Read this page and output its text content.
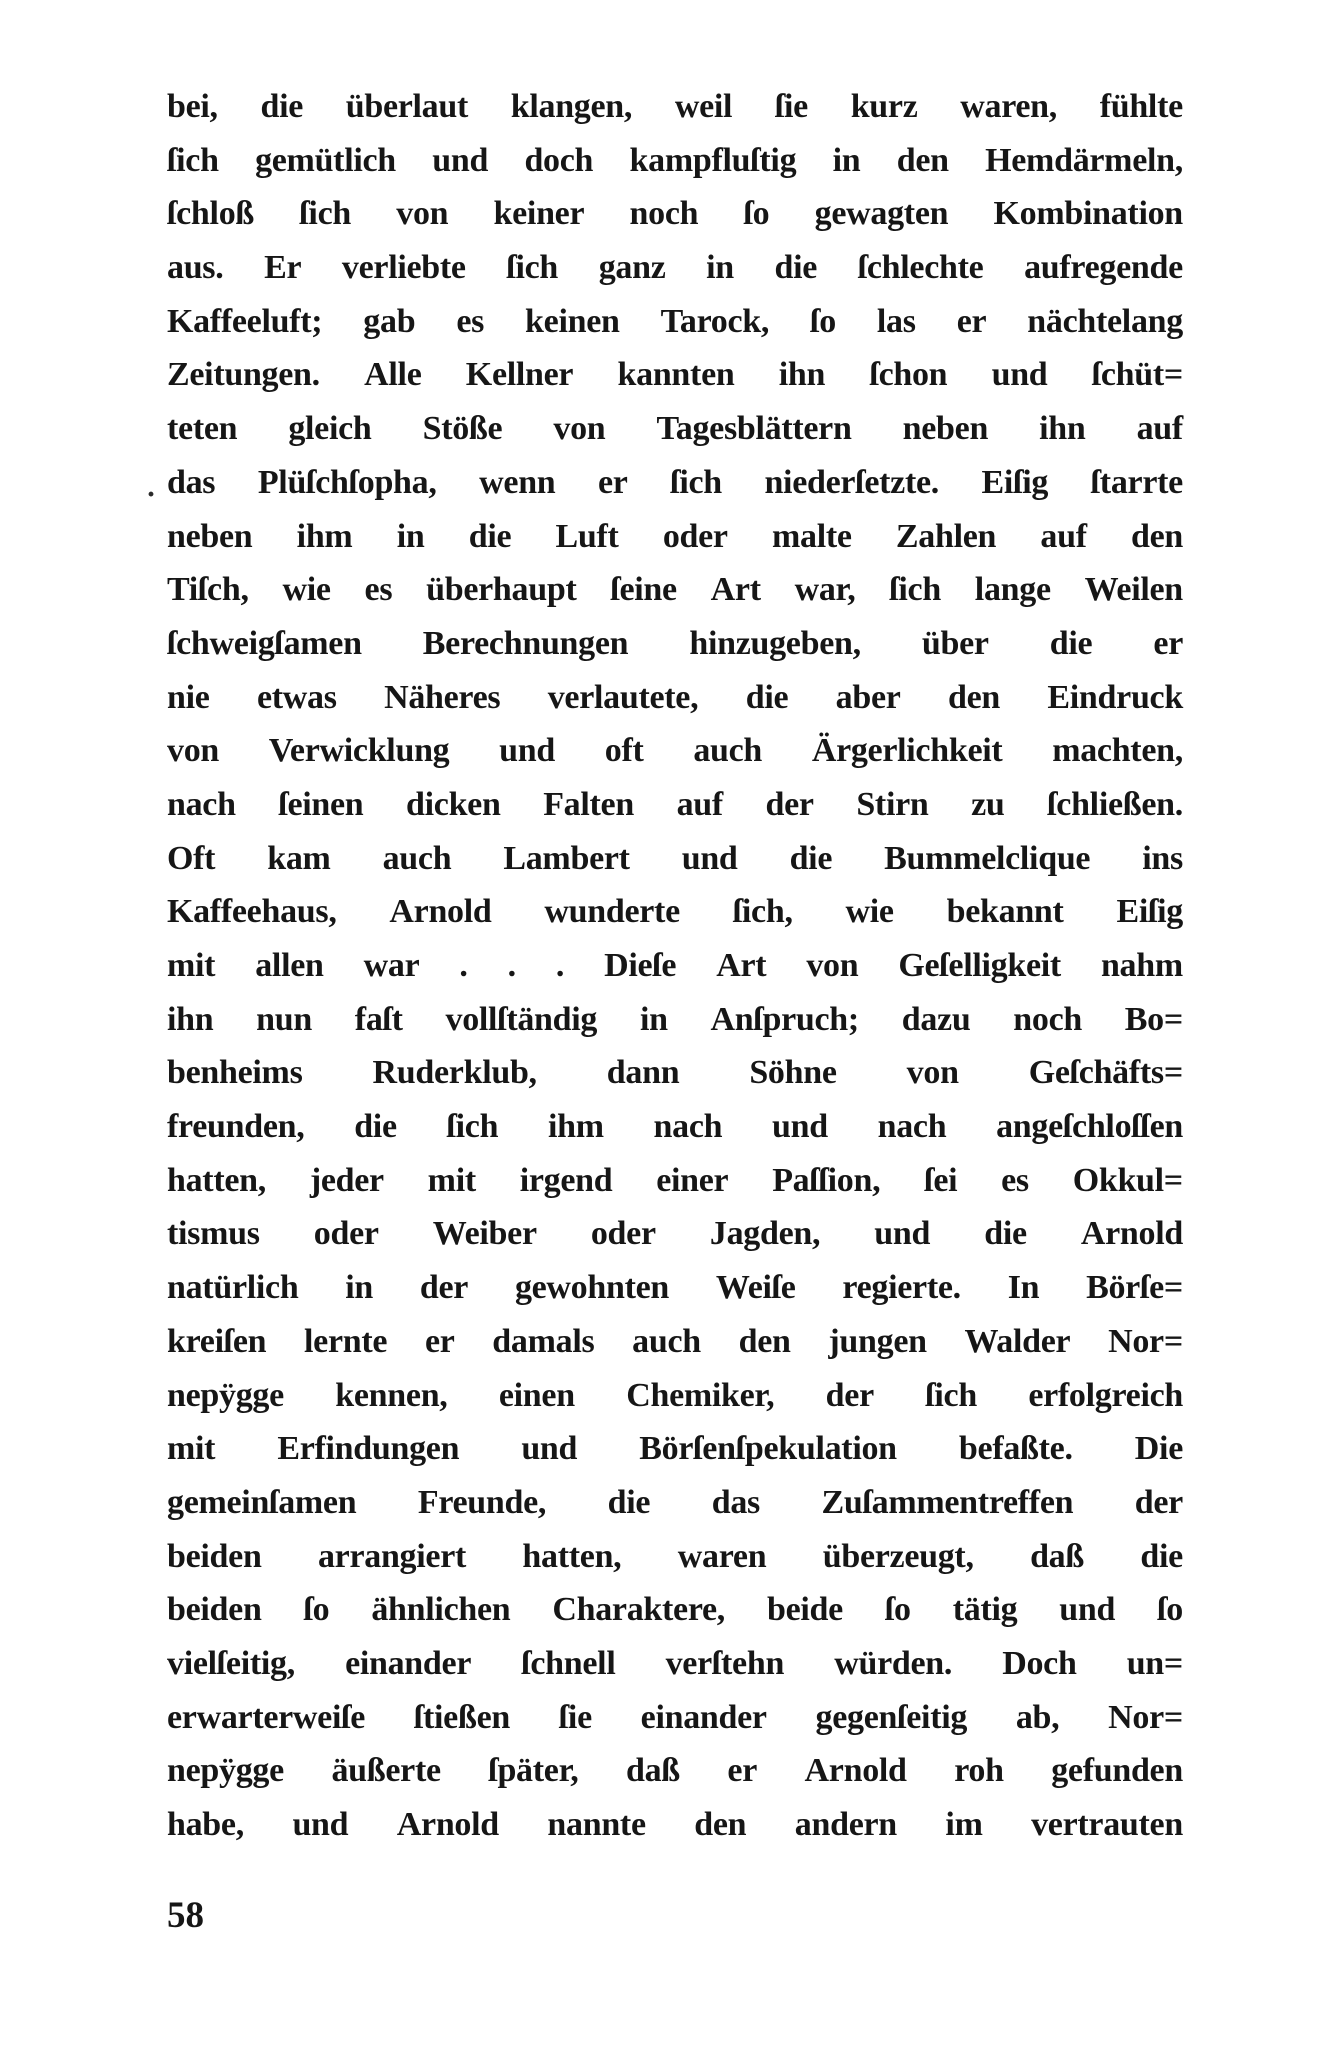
·
bei, die überlaut klangen, weil ſie kurz waren, fühlte
ſich gemütlich und doch kampfluſtig in den Hemdärmeln,
ſchloß ſich von keiner noch ſo gewagten Kombination
aus. Er verliebte ſich ganz in die ſchlechte aufregende
Kaffeeluft; gab es keinen Tarock, ſo las er nächtelang
Zeitungen. Alle Kellner kannten ihn ſchon und ſchüt=
teten gleich Stöße von Tagesblättern neben ihn auf
das Plüſchſopha, wenn er ſich niederſetzte. Eiſig ſtarrte
neben ihm in die Luft oder malte Zahlen auf den
Tiſch, wie es überhaupt ſeine Art war, ſich lange Weilen
ſchweigſamen Berechnungen hinzugeben, über die er
nie etwas Näheres verlautete, die aber den Eindruck
von Verwicklung und oft auch Ärgerlichkeit machten,
nach ſeinen dicken Falten auf der Stirn zu ſchließen.
Oft kam auch Lambert und die Bummelclique ins
Kaffeehaus, Arnold wunderte ſich, wie bekannt Eiſig
mit allen war . . . Dieſe Art von Geſelligkeit nahm
ihn nun faſt vollſtändig in Anſpruch; dazu noch Bo=
benheims Ruderklub, dann Söhne von Geſchäfts=
freunden, die ſich ihm nach und nach angeſchloſſen
hatten, jeder mit irgend einer Paſſion, ſei es Okkul=
tismus oder Weiber oder Jagden, und die Arnold
natürlich in der gewohnten Weiſe regierte. In Börſe=
kreiſen lernte er damals auch den jungen Walder Nor=
nepÿgge kennen, einen Chemiker, der ſich erfolgreich
mit Erfindungen und Börſenſpekulation befaßte. Die
gemeinſamen Freunde, die das Zuſammentreffen der
beiden arrangiert hatten, waren überzeugt, daß die
beiden ſo ähnlichen Charaktere, beide ſo tätig und ſo
vielſeitig, einander ſchnell verſtehn würden. Doch un=
erwarterweiſe ſtießen ſie einander gegenſeitig ab, Nor=
nepÿgge äußerte ſpäter, daß er Arnold roh gefunden
habe, und Arnold nannte den andern im vertrauten
58
